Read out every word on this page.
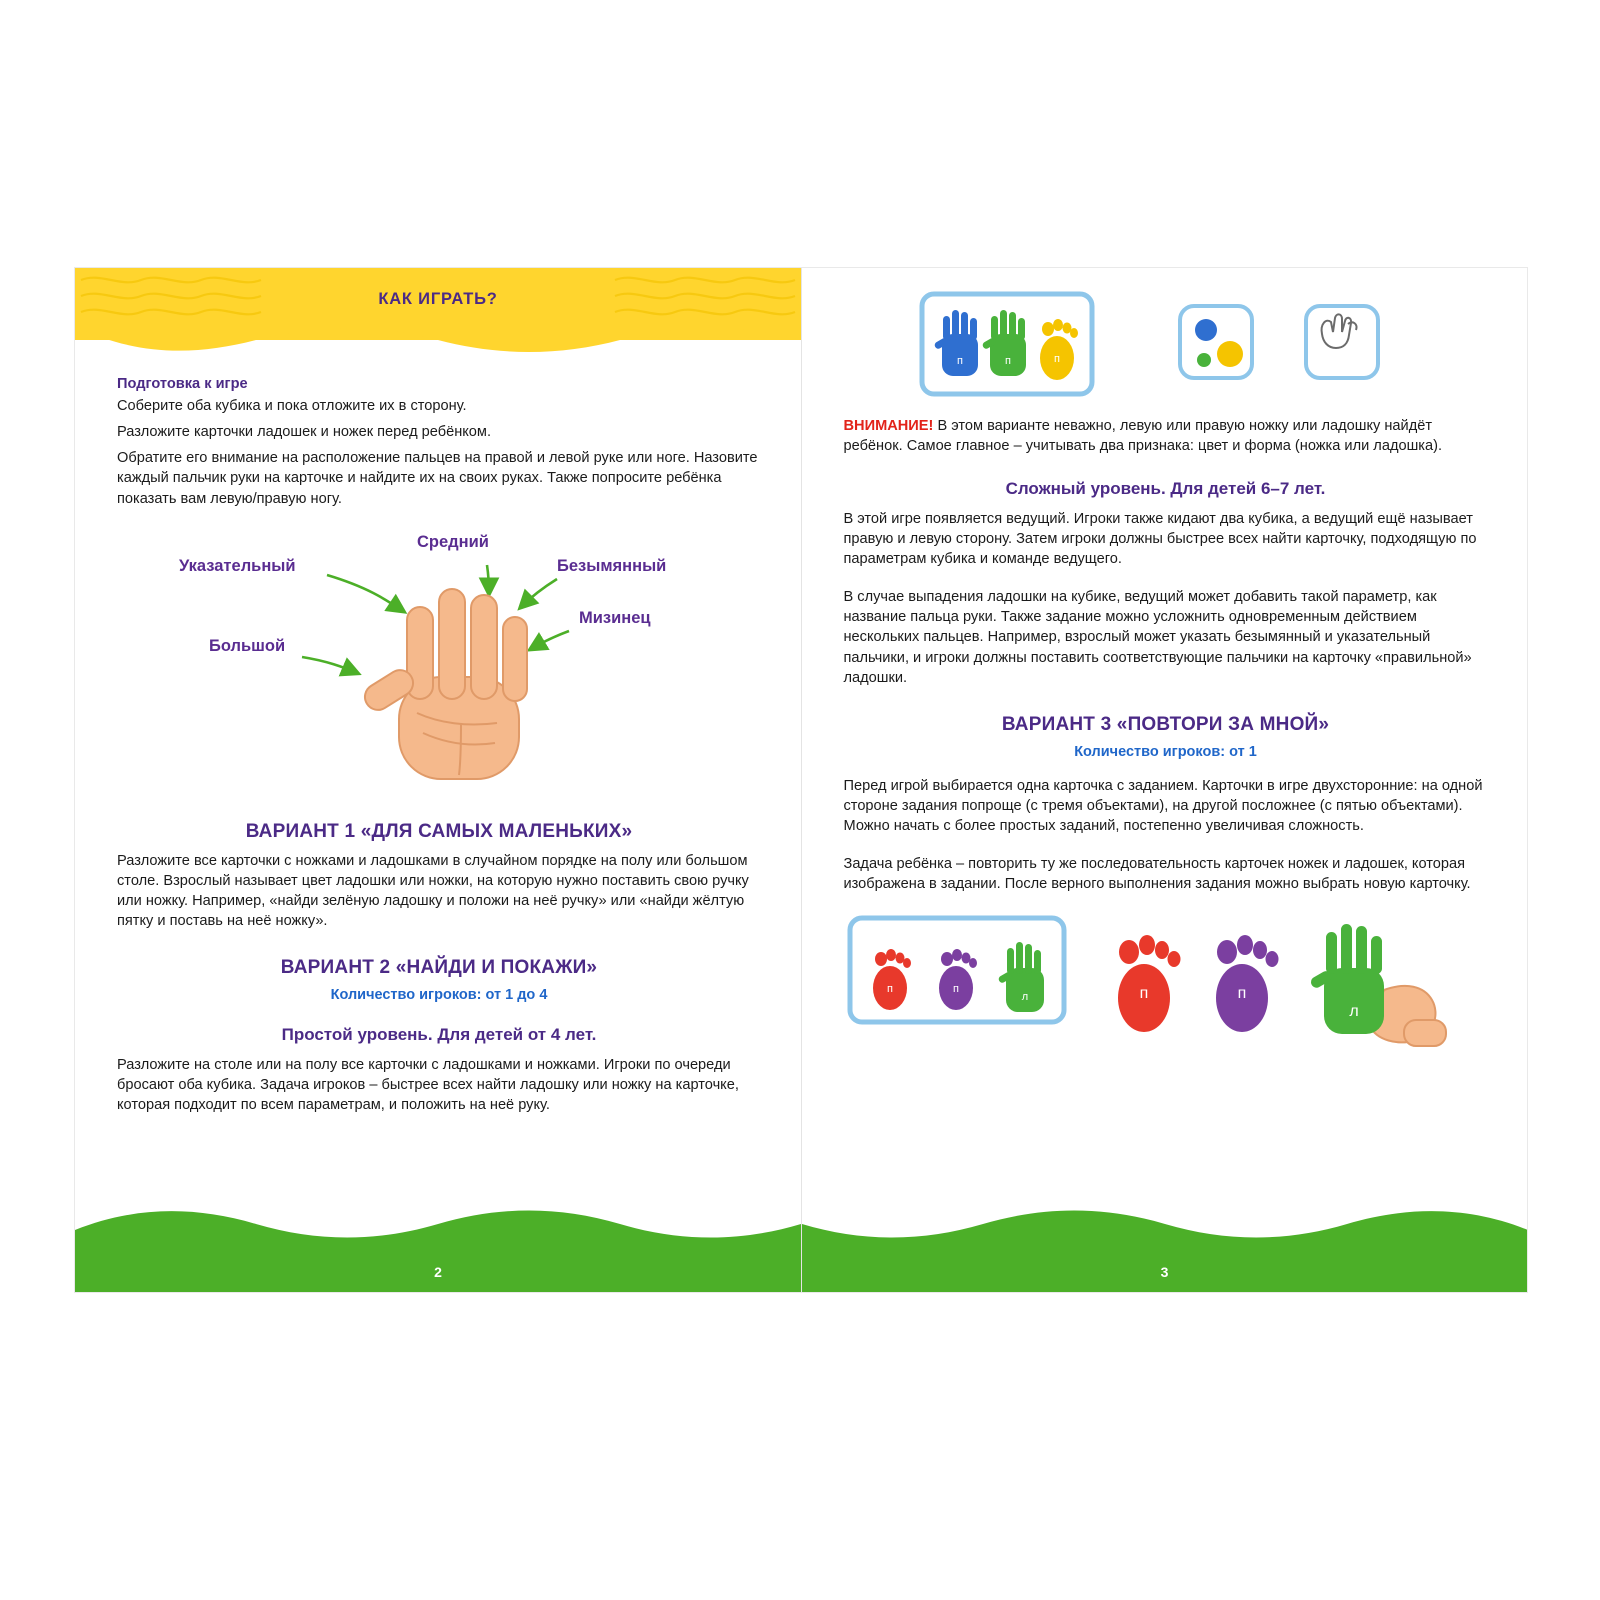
КАК ИГРАТЬ?
Подготовка к игре

Соберите оба кубика и пока отложите их в сторону.

Разложите карточки ладошек и ножек перед ребёнком.

Обратите его внимание на расположение пальцев на правой и левой руке или ноге. Назовите каждый пальчик руки на карточке и найдите их на своих руках. Также попросите ребёнка показать вам левую/правую ногу.

Указательный
Средний
Безымянный
Мизинец
Большой
ВАРИАНТ 1 «ДЛЯ САМЫХ МАЛЕНЬКИХ»

Разложите все карточки с ножками и ладошками в случайном порядке на полу или большом столе. Взрослый называет цвет ладошки или ножки, на которую нужно поставить свою ручку или ножку. Например, «найди зелёную ладошку и положи на неё ручку» или «найди жёлтую пятку и поставь на неё ножку».

ВАРИАНТ 2 «НАЙДИ И ПОКАЖИ»
Количество игроков: от 1 до 4
Простой уровень. Для детей от 4 лет.

Разложите на столе или на полу все карточки с ладошками и ножками. Игроки по очереди бросают оба кубика. Задача игроков – быстрее всех найти ладошку или ножку на карточке, которая подходит по всем параметрам, и положить на неё руку.

2
п	п	п

ВНИМАНИЕ! В этом варианте неважно, левую или правую ножку или ладошку найдёт ребёнок. Самое главное – учитывать два признака: цвет и форма (ножка или ладошка).

Сложный уровень. Для детей 6–7 лет.

В этой игре появляется ведущий. Игроки также кидают два кубика, а ведущий ещё называет правую и левую сторону. Затем игроки должны быстрее всех найти карточку, подходящую по параметрам кубика и команде ведущего.

В случае выпадения ладошки на кубике, ведущий может добавить такой параметр, как название пальца руки. Также задание можно усложнить одновременным действием нескольких пальцев. Например, взрослый может указать безымянный и указательный пальчики, и игроки должны поставить соответствующие пальчики на карточку «правильной» ладошки.

ВАРИАНТ 3 «ПОВТОРИ ЗА МНОЙ»
Количество игроков: от 1

Перед игрой выбирается одна карточка с заданием. Карточки в игре двухсторонние: на одной стороне задания попроще (с тремя объектами), на другой посложнее (с пятью объектами). Можно начать с более простых заданий, постепенно увеличивая сложность.

Задача ребёнка – повторить ту же последовательность карточек ножек и ладошек, которая изображена в задании. После верного выполнения задания можно выбрать новую карточку.

п	п
л	п	п
л
3
